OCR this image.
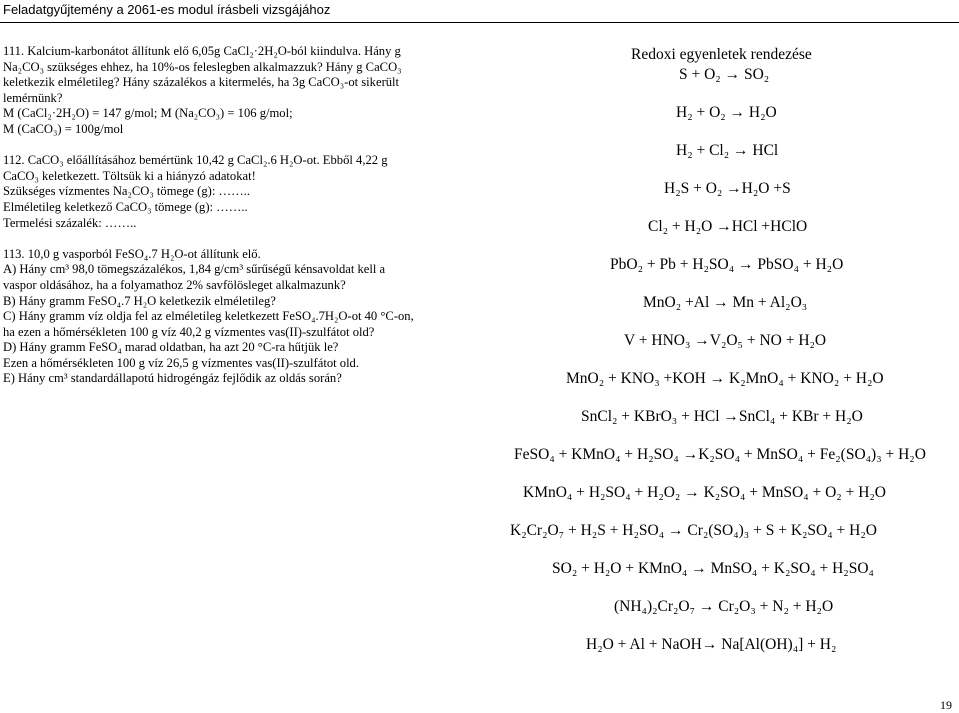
Feladatgyűjtemény a 2061-es modul írásbeli vizsgájához

111. Kalcium-karbonátot állítunk elő 6,05g CaCl₂·2H₂O-ból kiindulva. Hány g

Na₂CO₃ szükséges ehhez, ha 10%-os feleslegben alkalmazzuk? Hány g CaCO₃

keletkezik elméletileg? Hány százalékos a kitermelés, ha 3g CaCO₃-ot sikerült

lemérnünk?

M (CaCl₂·2H₂O) = 147 g/mol; M (Na₂CO₃) = 106 g/mol;

M (CaCO₃) = 100g/mol

112. CaCO₃ előállításához bemértünk 10,42 g CaCl₂.6 H₂O-ot. Ebből 4,22 g

CaCO₃ keletkezett. Töltsük ki a hiányzó adatokat!

Szükséges vízmentes Na₂CO₃ tömege (g): ……..

Elméletileg keletkező CaCO₃ tömege (g): ……..

Termelési százalék: ……..

113. 10,0 g vasporból FeSO₄.7 H₂O-ot állítunk elő.

A) Hány cm³ 98,0 tömegszázalékos, 1,84 g/cm³ sűrűségű kénsavoldat kell a

vaspor oldásához, ha a folyamathoz 2% savfölösleget alkalmazunk?

B) Hány gramm FeSO₄.7 H₂O keletkezik elméletileg?

C) Hány gramm víz oldja fel az elméletileg keletkezett FeSO₄.7H₂O-ot 40 °C-on,

ha ezen a hőmérsékleten 100 g víz 40,2 g vízmentes vas(II)-szulfátot old?

D) Hány gramm FeSO₄ marad oldatban, ha azt 20 °C-ra hűtjük le?

Ezen a hőmérsékleten 100 g víz 26,5 g vízmentes vas(II)-szulfátot old.

E) Hány cm³ standardállapotú hidrogéngáz fejlődik az oldás során?

Redoxi egyenletek rendezése
S + O₂ → SO₂
H₂ + O₂ → H₂O
H₂ + Cl₂ → HCl
H₂S + O₂ →H₂O +S
Cl₂ + H₂O →HCl +HClO
PbO₂ + Pb + H₂SO₄ → PbSO₄ + H₂O
MnO₂ +Al → Mn + Al₂O₃
V + HNO₃ →V₂O₅ + NO + H₂O
MnO₂ + KNO₃ +KOH → K₂MnO₄ + KNO₂ + H₂O
SnCl₂ + KBrO₃ + HCl →SnCl₄ + KBr + H₂O
FeSO₄ + KMnO₄ + H₂SO₄ →K₂SO₄ + MnSO₄ + Fe₂(SO₄)₃ + H₂O
KMnO₄ + H₂SO₄ + H₂O₂ → K₂SO₄ + MnSO₄ + O₂ + H₂O
K₂Cr₂O₇ + H₂S + H₂SO₄ → Cr₂(SO₄)₃ + S + K₂SO₄ + H₂O
SO₂ + H₂O + KMnO₄ → MnSO₄ + K₂SO₄ + H₂SO₄
(NH₄)₂Cr₂O₇ → Cr₂O₃ + N₂ + H₂O
H₂O + Al + NaOH→ Na[Al(OH)₄] + H₂
19
